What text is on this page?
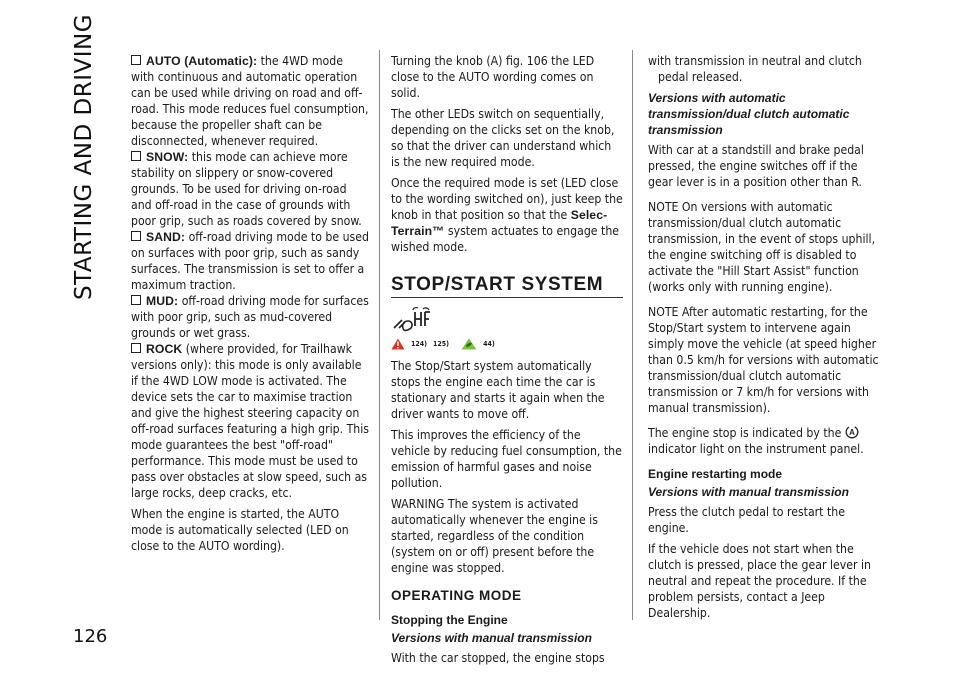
STARTING AND DRIVING
126

AUTO (Automatic): the 4WD mode with continuous and automatic operation can be used while driving on road and off-road. This mode reduces fuel consumption, because the propeller shaft can be disconnected, whenever required.

SNOW: this mode can achieve more stability on slippery or snow-covered grounds. To be used for driving on-road and off-road in the case of grounds with poor grip, such as roads covered by snow.

SAND: off-road driving mode to be used on surfaces with poor grip, such as sandy surfaces. The transmission is set to offer a maximum traction.

MUD: off-road driving mode for surfaces with poor grip, such as mud-covered grounds or wet grass.

ROCK (where provided, for Trailhawk versions only): this mode is only available if the 4WD LOW mode is activated. The device sets the car to maximise traction and give the highest steering capacity on off-road surfaces featuring a high grip. This mode guarantees the best "off-road" performance. This mode must be used to pass over obstacles at slow speed, such as large rocks, deep cracks, etc.

When the engine is started, the AUTO mode is automatically selected (LED on close to the AUTO wording).

Turning the knob (A) fig. 106 the LED close to the AUTO wording comes on solid.

The other LEDs switch on sequentially, depending on the clicks set on the knob, so that the driver can understand which is the new required mode.

Once the required mode is set (LED close to the wording switched on), just keep the knob in that position so that the Selec-Terrain™ system actuates to engage the wished mode.

STOP/START SYSTEM
124) 125)	44)

The Stop/Start system automatically stops the engine each time the car is stationary and starts it again when the driver wants to move off.

This improves the efficiency of the vehicle by reducing fuel consumption, the emission of harmful gases and noise pollution.

WARNING The system is activated automatically whenever the engine is started, regardless of the condition (system on or off) present before the engine was stopped.

OPERATING MODE
Stopping the Engine
Versions with manual transmission

With the car stopped, the engine stops

with transmission in neutral and clutch pedal released.

Versions with automatic transmission/dual clutch automatic transmission

With car at a standstill and brake pedal pressed, the engine switches off if the gear lever is in a position other than R.

NOTE On versions with automatic transmission/dual clutch automatic transmission, in the event of stops uphill, the engine switching off is disabled to activate the "Hill Start Assist" function (works only with running engine).

NOTE After automatic restarting, for the Stop/Start system to intervene again simply move the vehicle (at speed higher than 0.5 km/h for versions with automatic transmission/dual clutch automatic transmission or 7 km/h for versions with manual transmission).

The engine stop is indicated by the A
indicator light on the instrument panel.

Engine restarting mode
Versions with manual transmission

Press the clutch pedal to restart the engine.

If the vehicle does not start when the clutch is pressed, place the gear lever in neutral and repeat the procedure. If the problem persists, contact a Jeep Dealership.
